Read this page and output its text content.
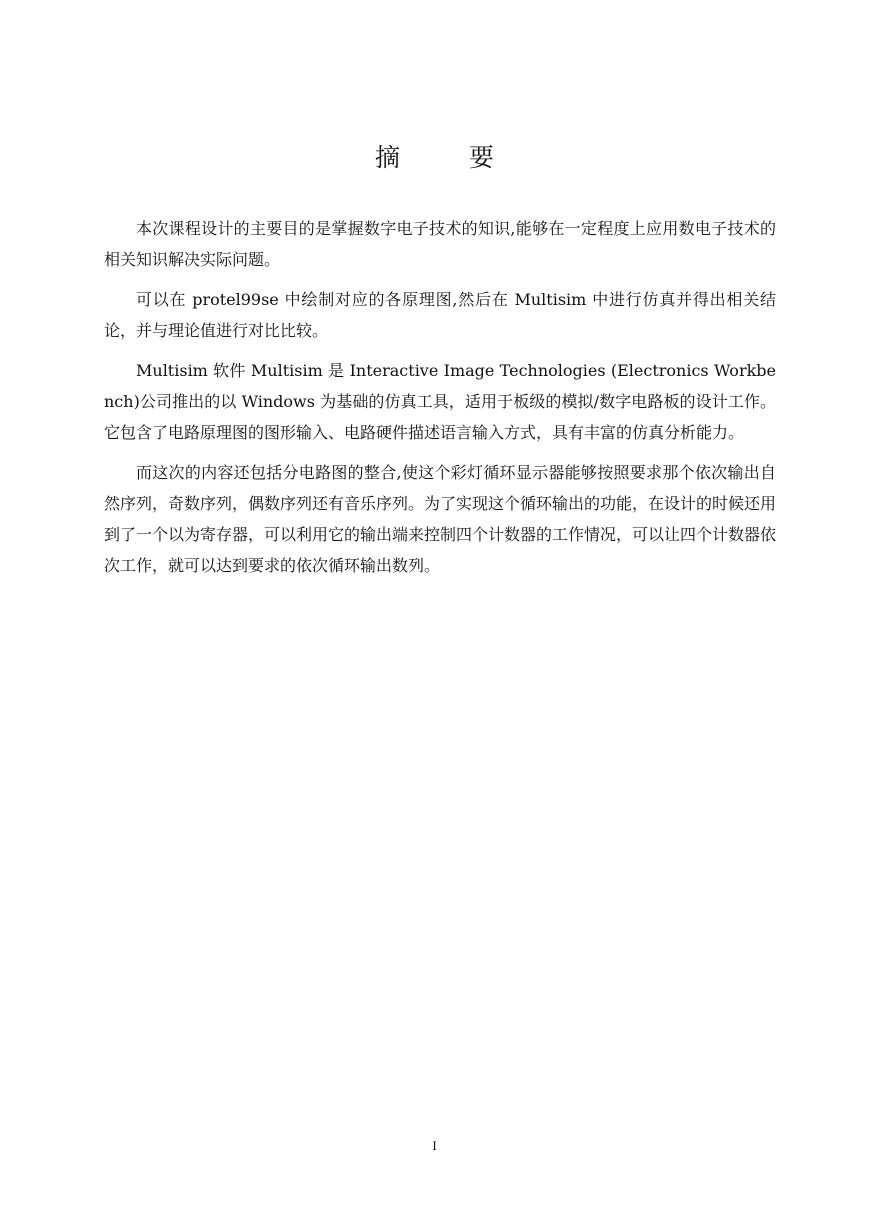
摘　要

本次课程设计的主要目的是掌握数字电子技术的知识,能够在一定程度上应用数电子技术的相关知识解决实际问题。

可以在 protel99se 中绘制对应的各原理图,然后在 Multisim 中进行仿真并得出相关结论，并与理论值进行对比比较。

Multisim 软件 Multisim 是 Interactive Image Technologies (Electronics Workbench)公司推出的以 Windows 为基础的仿真工具，适用于板级的模拟/数字电路板的设计工作。它包含了电路原理图的图形输入、电路硬件描述语言输入方式，具有丰富的仿真分析能力。

而这次的内容还包括分电路图的整合,使这个彩灯循环显示器能够按照要求那个依次输出自然序列，奇数序列，偶数序列还有音乐序列。为了实现这个循环输出的功能，在设计的时候还用到了一个以为寄存器，可以利用它的输出端来控制四个计数器的工作情况，可以让四个计数器依次工作，就可以达到要求的依次循环输出数列。

I
